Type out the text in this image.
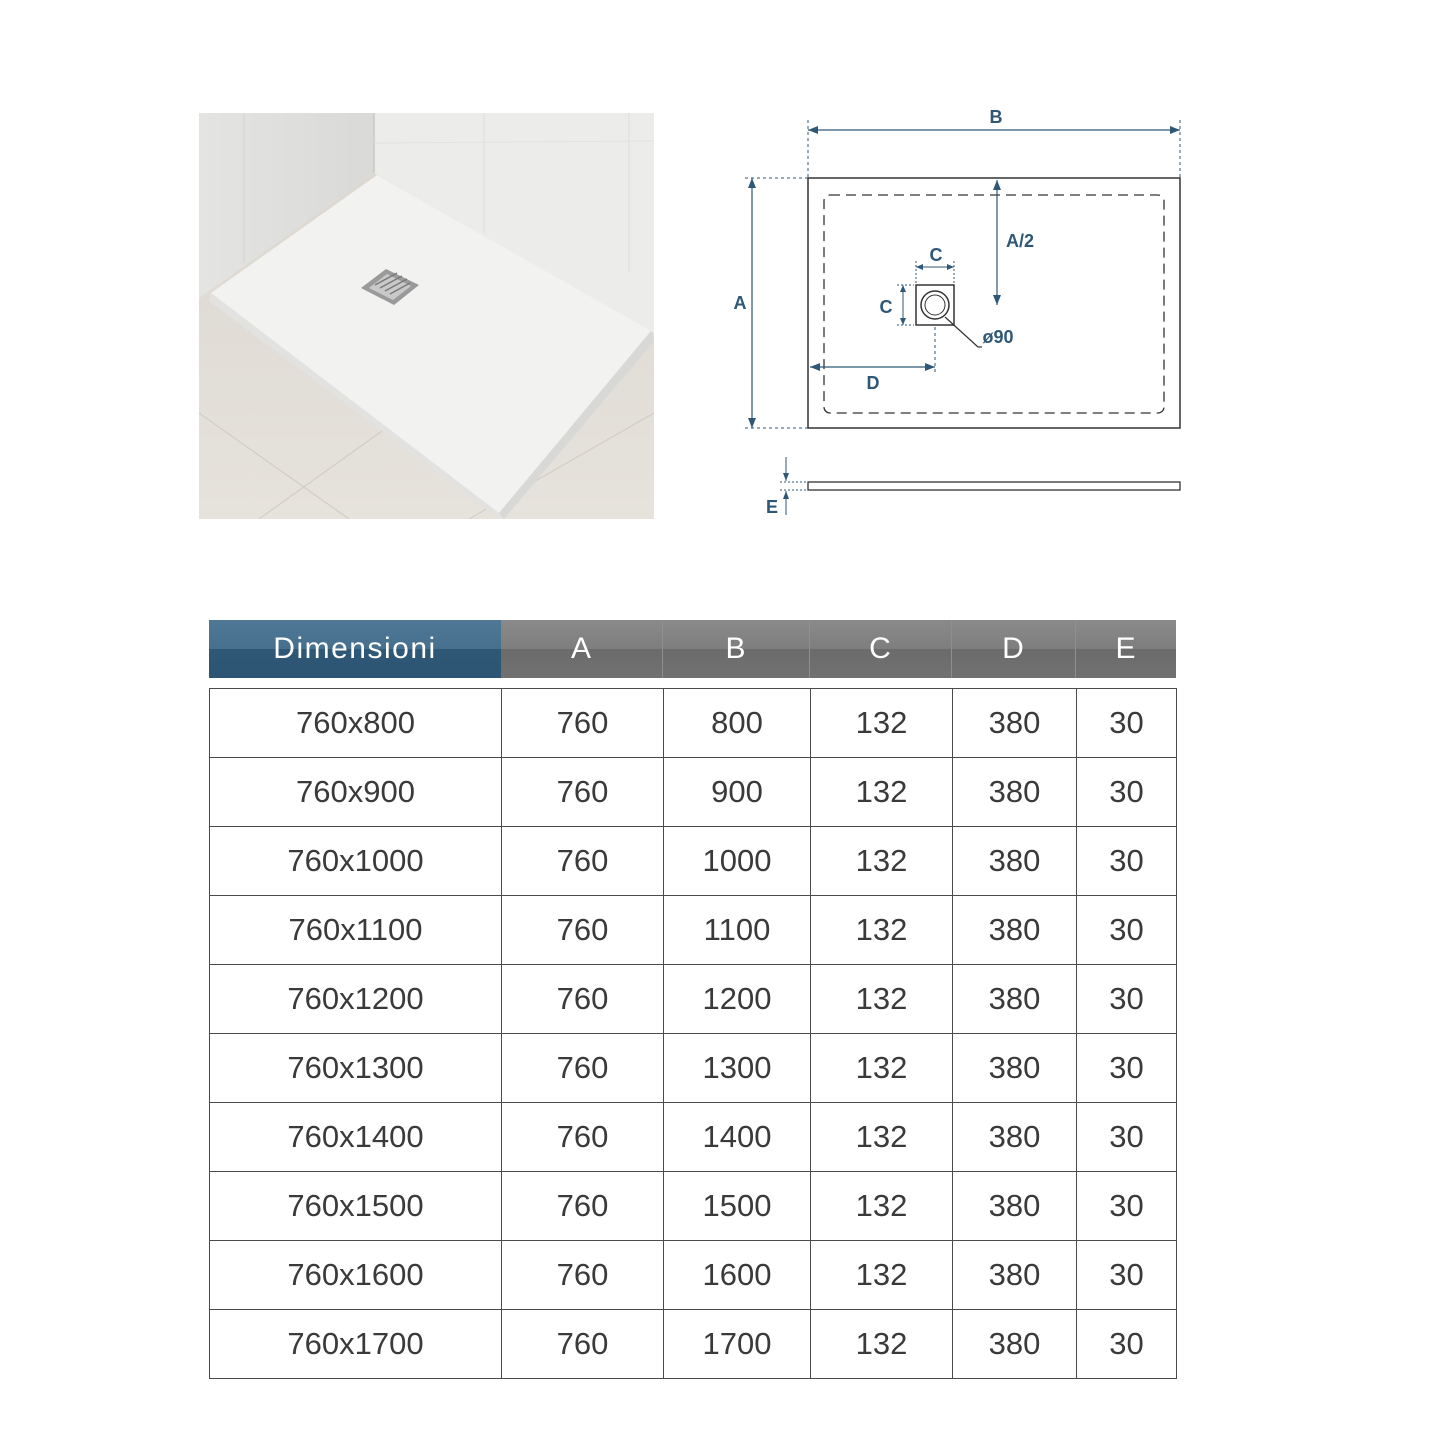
B
A
A/2
C
C
ø90
D
E
Dimensioni	A	B	C	D	E
760x800	760	800	132	380	30
760x900	760	900	132	380	30
760x1000	760	1000	132	380	30
760x1100	760	1100	132	380	30
760x1200	760	1200	132	380	30
760x1300	760	1300	132	380	30
760x1400	760	1400	132	380	30
760x1500	760	1500	132	380	30
760x1600	760	1600	132	380	30
760x1700	760	1700	132	380	30
